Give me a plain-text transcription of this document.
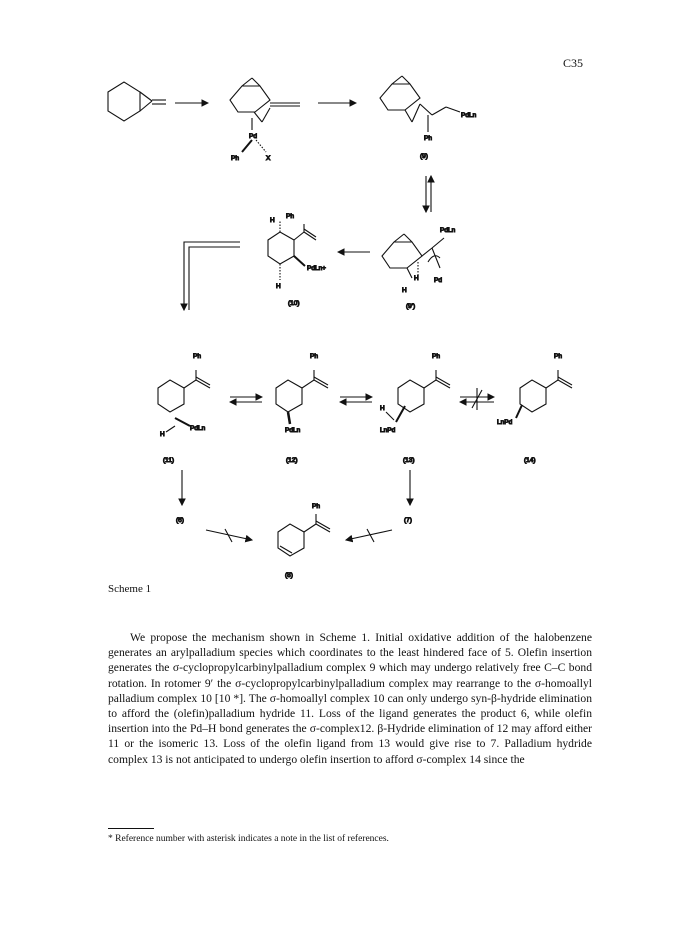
C35
Pd
Ph	X
PdLn
Ph
(9)
H
Ph
PdLn+
H
(10)
PdLn
H Pd
H
(9')
Ph
PdLn
H
(11)
Ph
PdLn
(12)
Ph
H
LnPd
(13)
Ph
LnPd
(14)
(6)	(7)
Ph
(8)
Scheme 1

We propose the mechanism shown in Scheme 1. Initial oxidative addition of the halobenzene generates an arylpalladium species which coordinates to the least hindered face of 5. Olefin insertion generates the σ-cyclopropylcarbinylpalladium complex 9 which may undergo relatively free C–C bond rotation. In rotomer 9′ the σ-cyclopropylcarbinylpalladium complex may rearrange to the σ-homoallyl palladium complex 10 [10 *]. The σ-homoallyl complex 10 can only undergo syn-β-hydride elimination to afford the (olefin)palladium hydride 11. Loss of the ligand generates the product 6, while olefin insertion into the Pd–H bond generates the σ-complex12. β-Hydride elimination of 12 may afford either 11 or the isomeric 13. Loss of the olefin ligand from 13 would give rise to 7. Palladium hydride complex 13 is not anticipated to undergo olefin insertion to afford σ-complex 14 since the

* Reference number with asterisk indicates a note in the list of references.
